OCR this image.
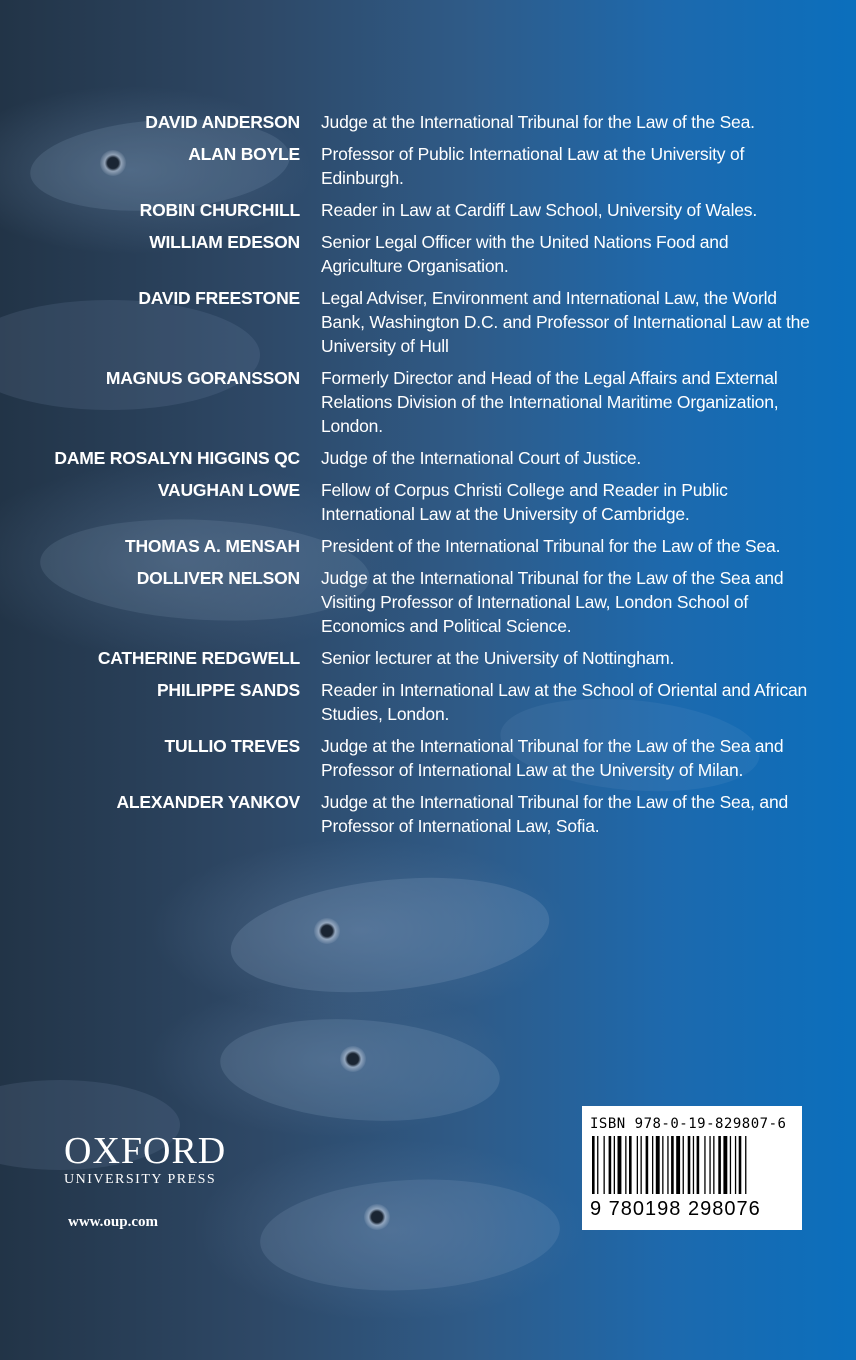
DAVID ANDERSON Judge at the International Tribunal for the Law of the Sea.
ALAN BOYLE Professor of Public International Law at the University of Edinburgh.
ROBIN CHURCHILL Reader in Law at Cardiff Law School, University of Wales.
WILLIAM EDESON Senior Legal Officer with the United Nations Food and Agriculture Organisation.
DAVID FREESTONE Legal Adviser, Environment and International Law, the World Bank, Washington D.C. and Professor of International Law at the University of Hull
MAGNUS GORANSSON Formerly Director and Head of the Legal Affairs and External Relations Division of the International Maritime Organization, London.
DAME ROSALYN HIGGINS QC Judge of the International Court of Justice.
VAUGHAN LOWE Fellow of Corpus Christi College and Reader in Public International Law at the University of Cambridge.
THOMAS A. MENSAH President of the International Tribunal for the Law of the Sea.
DOLLIVER NELSON Judge at the International Tribunal for the Law of the Sea and Visiting Professor of International Law, London School of Economics and Political Science.
CATHERINE REDGWELL Senior lecturer at the University of Nottingham.
PHILIPPE SANDS Reader in International Law at the School of Oriental and African Studies, London.
TULLIO TREVES Judge at the International Tribunal for the Law of the Sea and Professor of International Law at the University of Milan.
ALEXANDER YANKOV Judge at the International Tribunal for the Law of the Sea, and Professor of International Law, Sofia.
OXFORD
UNIVERSITY PRESS
www.oup.com
ISBN 978-0-19-829807-6
9 780198 298076
